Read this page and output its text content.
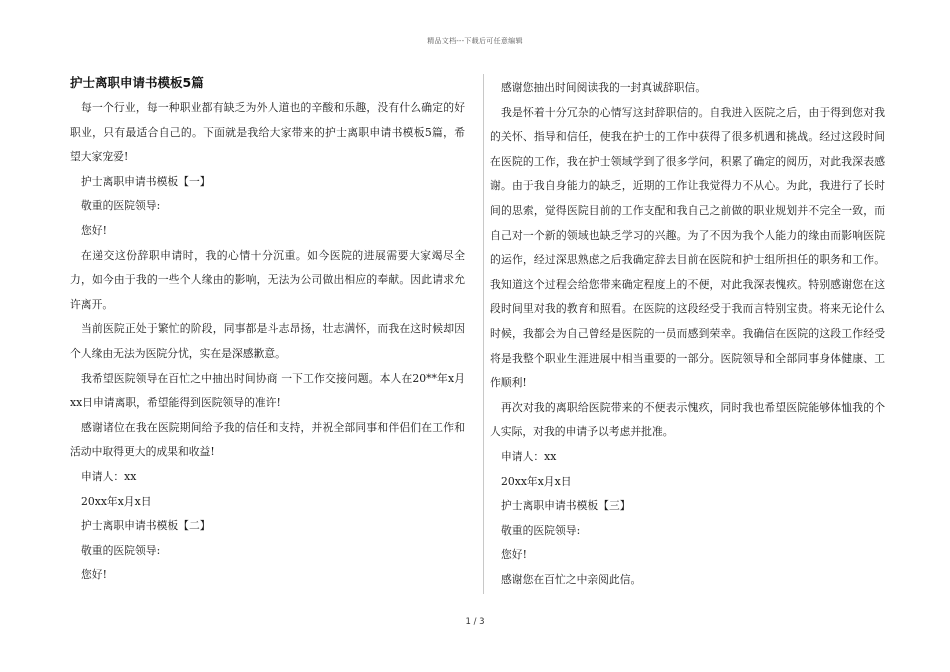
精品文档---下载后可任意编辑
护士离职申请书模板5篇

每一个行业，每一种职业都有缺乏为外人道也的辛酸和乐趣，没有什么确定的好职业，只有最适合自己的。下面就是我给大家带来的护士离职申请书模板5篇，希望大家宠爱!

护士离职申请书模板【一】

敬重的医院领导:

您好!

在递交这份辞职申请时，我的心情十分沉重。如今医院的进展需要大家竭尽全力，如今由于我的一些个人缘由的影响，无法为公司做出相应的奉献。因此请求允许离开。

当前医院正处于繁忙的阶段，同事都是斗志昂扬，壮志满怀，而我在这时候却因个人缘由无法为医院分忧，实在是深感歉意。

我希望医院领导在百忙之中抽出时间协商 一下工作交接问题。本人在20**年x月xx日申请离职，希望能得到医院领导的准许!

感谢诸位在我在医院期间给予我的信任和支持，并祝全部同事和伴侣们在工作和活动中取得更大的成果和收益!

申请人：xx

20xx年x月x日

护士离职申请书模板【二】

敬重的医院领导:

您好!

感谢您抽出时间阅读我的一封真诚辞职信。

我是怀着十分冗杂的心情写这封辞职信的。自我进入医院之后，由于得到您对我的关怀、指导和信任，使我在护士的工作中获得了很多机遇和挑战。经过这段时间在医院的工作，我在护士领域学到了很多学问，积累了确定的阅历，对此我深表感谢。由于我自身能力的缺乏，近期的工作让我觉得力不从心。为此，我进行了长时间的思索，觉得医院目前的工作支配和我自己之前做的职业规划并不完全一致，而自己对一个新的领域也缺乏学习的兴趣。为了不因为我个人能力的缘由而影响医院的运作，经过深思熟虑之后我确定辞去目前在医院和护士组所担任的职务和工作。我知道这个过程会给您带来确定程度上的不便，对此我深表愧疚。特别感谢您在这段时间里对我的教育和照看。在医院的这段经受于我而言特别宝贵。将来无论什么时候，我都会为自己曾经是医院的一员而感到荣幸。我确信在医院的这段工作经受将是我整个职业生涯进展中相当重要的一部分。医院领导和全部同事身体健康、工作顺利!

再次对我的离职给医院带来的不便表示愧疚，同时我也希望医院能够体恤我的个人实际，对我的申请予以考虑并批准。

申请人：xx

20xx年x月x日

护士离职申请书模板【三】

敬重的医院领导:

您好!

感谢您在百忙之中亲阅此信。

1 / 3
